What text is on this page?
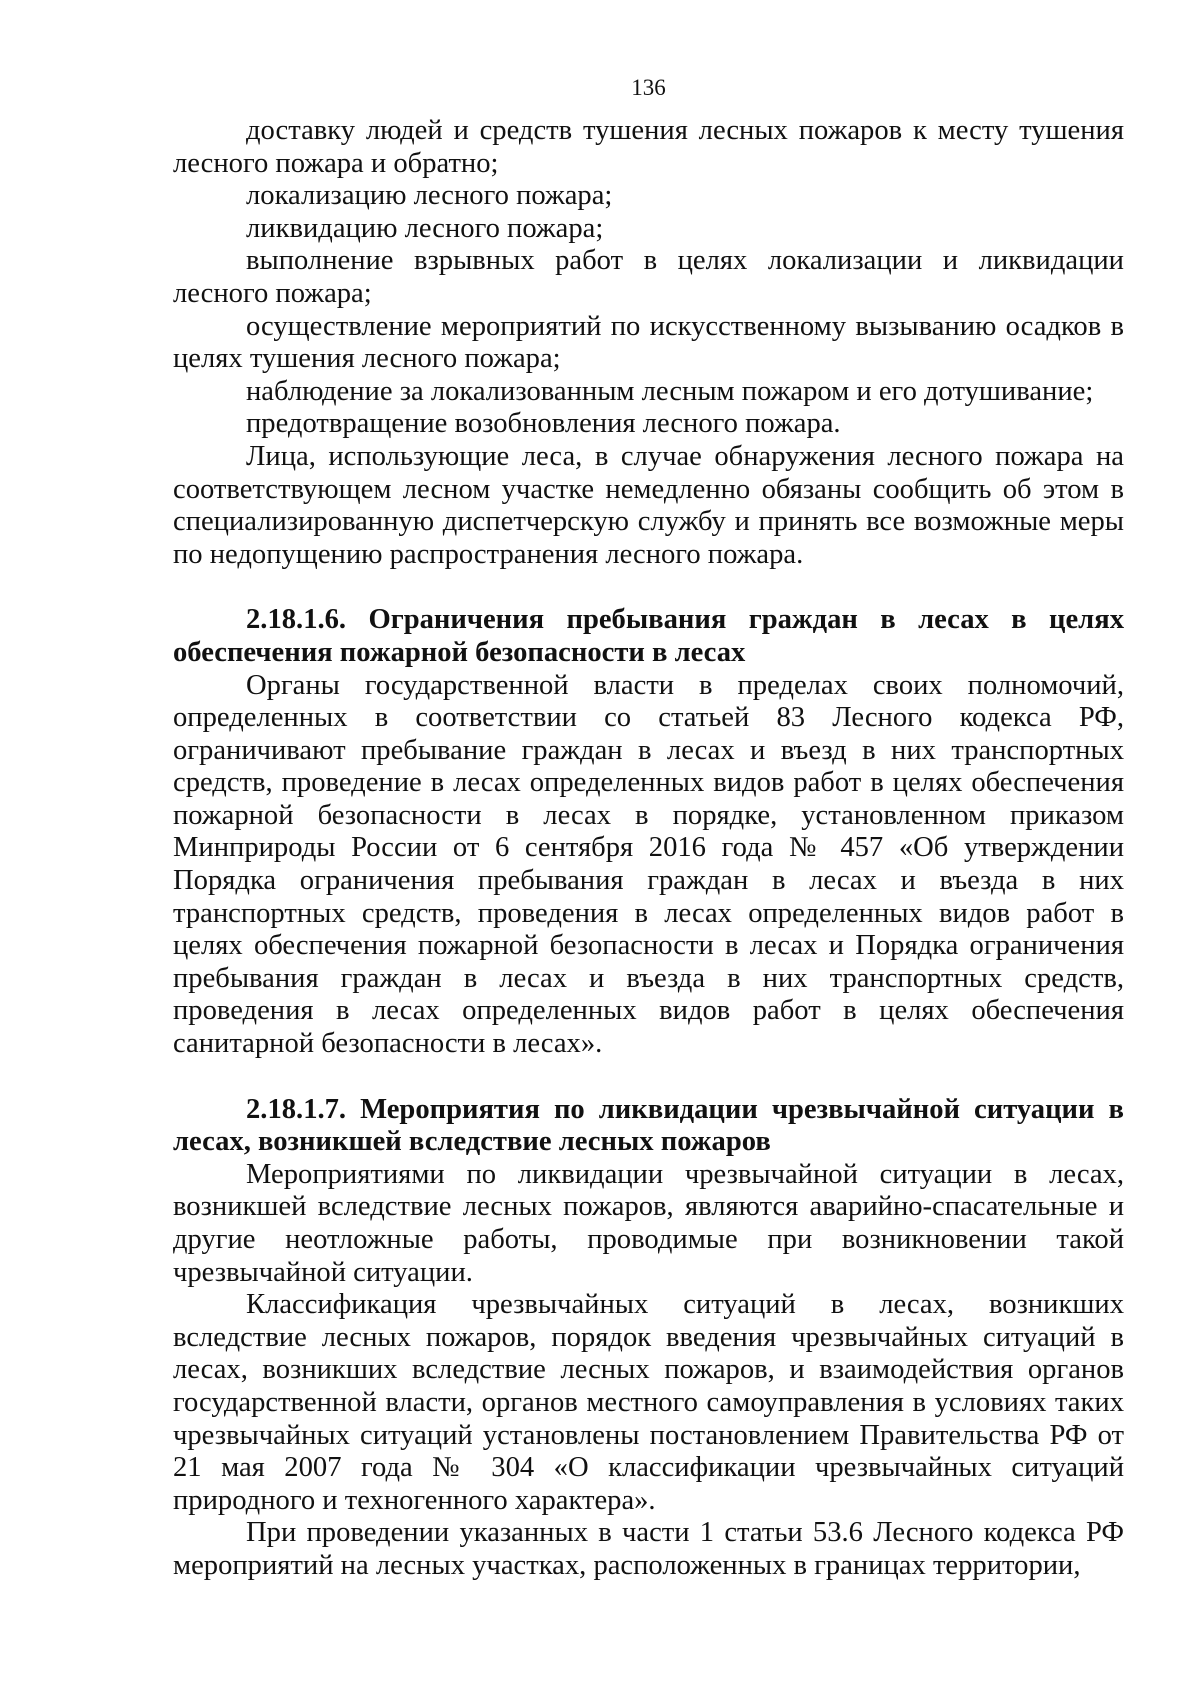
136

доставку людей и средств тушения лесных пожаров к месту тушения лесного пожара и обратно;

локализацию лесного пожара;

ликвидацию лесного пожара;

выполнение взрывных работ в целях локализации и ликвидации лесного пожара;

осуществление мероприятий по искусственному вызыванию осадков в целях тушения лесного пожара;

наблюдение за локализованным лесным пожаром и его дотушивание;

предотвращение возобновления лесного пожара.

Лица, использующие леса, в случае обнаружения лесного пожара на соответствующем лесном участке немедленно обязаны сообщить об этом в специализированную диспетчерскую службу и принять все возможные меры по недопущению распространения лесного пожара.

2.18.1.6. Ограничения пребывания граждан в лесах в целях обеспечения пожарной безопасности в лесах

Органы государственной власти в пределах своих полномочий, определенных в соответствии со статьей 83 Лесного кодекса РФ, ограничивают пребывание граждан в лесах и въезд в них транспортных средств, проведение в лесах определенных видов работ в целях обеспечения пожарной безопасности в лесах в порядке, установленном приказом Минприроды России от 6 сентября 2016 года № 457 «Об утверждении Порядка ограничения пребывания граждан в лесах и въезда в них транспортных средств, проведения в лесах определенных видов работ в целях обеспечения пожарной безопасности в лесах и Порядка ограничения пребывания граждан в лесах и въезда в них транспортных средств, проведения в лесах определенных видов работ в целях обеспечения санитарной безопасности в лесах».

2.18.1.7. Мероприятия по ликвидации чрезвычайной ситуации в лесах, возникшей вследствие лесных пожаров

Мероприятиями по ликвидации чрезвычайной ситуации в лесах, возникшей вследствие лесных пожаров, являются аварийно-спасательные и другие неотложные работы, проводимые при возникновении такой чрезвычайной ситуации.

Классификация чрезвычайных ситуаций в лесах, возникших вследствие лесных пожаров, порядок введения чрезвычайных ситуаций в лесах, возникших вследствие лесных пожаров, и взаимодействия органов государственной власти, органов местного самоуправления в условиях таких чрезвычайных ситуаций установлены постановлением Правительства РФ от 21 мая 2007 года № 304 «О классификации чрезвычайных ситуаций природного и техногенного характера».

При проведении указанных в части 1 статьи 53.6 Лесного кодекса РФ мероприятий на лесных участках, расположенных в границах территории,
